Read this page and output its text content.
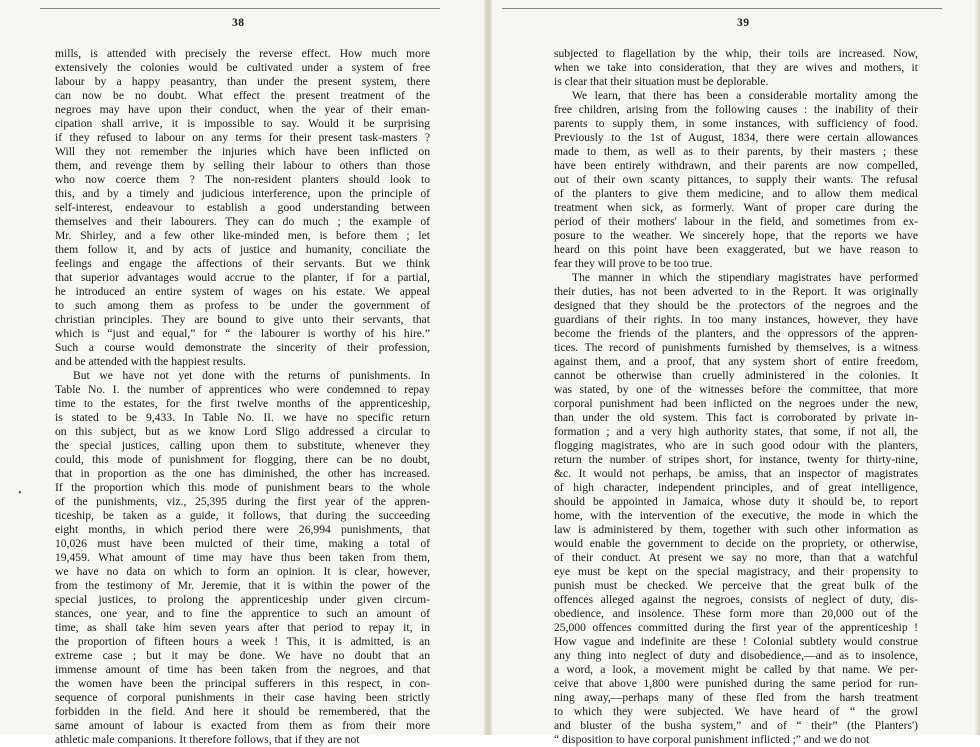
38
mills, is attended with precisely the reverse effect. How much more
extensively the colonies would be cultivated under a system of free
labour by a happy peasantry, than under the present system, there
can now be no doubt. What effect the present treatment of the
negroes may have upon their conduct, when the year of their eman-
cipation shall arrive, it is impossible to say. Would it be surprising
if they refused to labour on any terms for their present task-masters ?
Will they not remember the injuries which have been inflicted on
them, and revenge them by selling their labour to others than those
who now coerce them ? The non-resident planters should look to
this, and by a timely and judicious interference, upon the principle of
self-interest, endeavour to establish a good understanding between
themselves and their labourers. They can do much ; the example of
Mr. Shirley, and a few other like-minded men, is before them ; let
them follow it, and by acts of justice and humanity, conciliate the
feelings and engage the affections of their servants. But we think
that superior advantages would accrue to the planter, if for a partial,
he introduced an entire system of wages on his estate. We appeal
to such among them as profess to be under the government of
christian principles. They are bound to give unto their servants, that
which is “just and equal,” for “ the labourer is worthy of his hire.”
Such a course would demonstrate the sincerity of their profession,
and be attended with the happiest results.
But we have not yet done with the returns of punishments. In
Table No. I. the number of apprentices who were condemned to repay
time to the estates, for the first twelve months of the apprenticeship,
is stated to be 9,433. In Table No. II. we have no specific return
on this subject, but as we know Lord Sligo addressed a circular to
the special justices, calling upon them to substitute, whenever they
could, this mode of punishment for flogging, there can be no doubt,
that in proportion as the one has diminished, the other has increased.
If the proportion which this mode of punishment bears to the whole
of the punishments, viz., 25,395 during the first year of the appren-
ticeship, be taken as a guide, it follows, that during the succeeding
eight months, in which period there were 26,994 punishments, that
10,026 must have been mulcted of their time, making a total of
19,459. What amount of time may have thus been taken from them,
we have no data on which to form an opinion. It is clear, however,
from the testimony of Mr. Jeremie, that it is within the power of the
special justices, to prolong the apprenticeship under given circum-
stances, one year, and to fine the apprentice to such an amount of
time, as shall take him seven years after that period to repay it, in
the proportion of fifteen hours a week ! This, it is admitted, is an
extreme case ; but it may be done. We have no doubt that an
immense amount of time has been taken from the negroes, and that
the women have been the principal sufferers in this respect, in con-
sequence of corporal punishments in their case having been strictly
forbidden in the field. And here it should be remembered, that the
same amount of labour is exacted from them as from their more
athletic male companions. It therefore follows, that if they are not
•
39
subjected to flagellation by the whip, their toils are increased. Now,
when we take into consideration, that they are wives and mothers, it
is clear that their situation must be deplorable.
We learn, that there has been a considerable mortality among the
free children, arising from the following causes : the inability of their
parents to supply them, in some instances, with sufficiency of food.
Previously to the 1st of August, 1834, there were certain allowances
made to them, as well as to their parents, by their masters ; these
have been entirely withdrawn, and their parents are now compelled,
out of their own scanty pittances, to supply their wants. The refusal
of the planters to give them medicine, and to allow them medical
treatment when sick, as formerly. Want of proper care during the
period of their mothers' labour in the field, and sometimes from ex-
posure to the weather. We sincerely hope, that the reports we have
heard on this point have been exaggerated, but we have reason to
fear they will prove to be too true.
The manner in which the stipendiary magistrates have performed
their duties, has not been adverted to in the Report. It was originally
designed that they should be the protectors of the negroes and the
guardians of their rights. In too many instances, however, they have
become the friends of the planters, and the oppressors of the appren-
tices. The record of punishments furnished by themselves, is a witness
against them, and a proof, that any system short of entire freedom,
cannot be otherwise than cruelly administered in the colonies. It
was stated, by one of the witnesses before the committee, that more
corporal punishment had been inflicted on the negroes under the new,
than under the old system. This fact is corroborated by private in-
formation ; and a very high authority states, that some, if not all, the
flogging magistrates, who are in such good odour with the planters,
return the number of stripes short, for instance, twenty for thirty-nine,
&c. It would not perhaps, be amiss, that an inspector of magistrates
of high character, independent principles, and of great intelligence,
should be appointed in Jamaica, whose duty it should be, to report
home, with the intervention of the executive, the mode in which the
law is administered by them, together with such other information as
would enable the government to decide on the propriety, or otherwise,
of their conduct. At present we say no more, than that a watchful
eye must be kept on the special magistracy, and their propensity to
punish must be checked. We perceive that the great bulk of the
offences alleged against the negroes, consists of neglect of duty, dis-
obedience, and insolence. These form more than 20,000 out of the
25,000 offences committed during the first year of the apprenticeship !
How vague and indefinite are these ! Colonial subtlety would construe
any thing into neglect of duty and disobedience,—and as to insolence,
a word, a look, a movement might be called by that name. We per-
ceive that above 1,800 were punished during the same period for run-
ning away,—perhaps many of these fled from the harsh treatment
to which they were subjected. We have heard of “ the growl
and bluster of the busha system,” and of “ their” (the Planters')
“ disposition to have corporal punishment inflicted ;” and we do not
